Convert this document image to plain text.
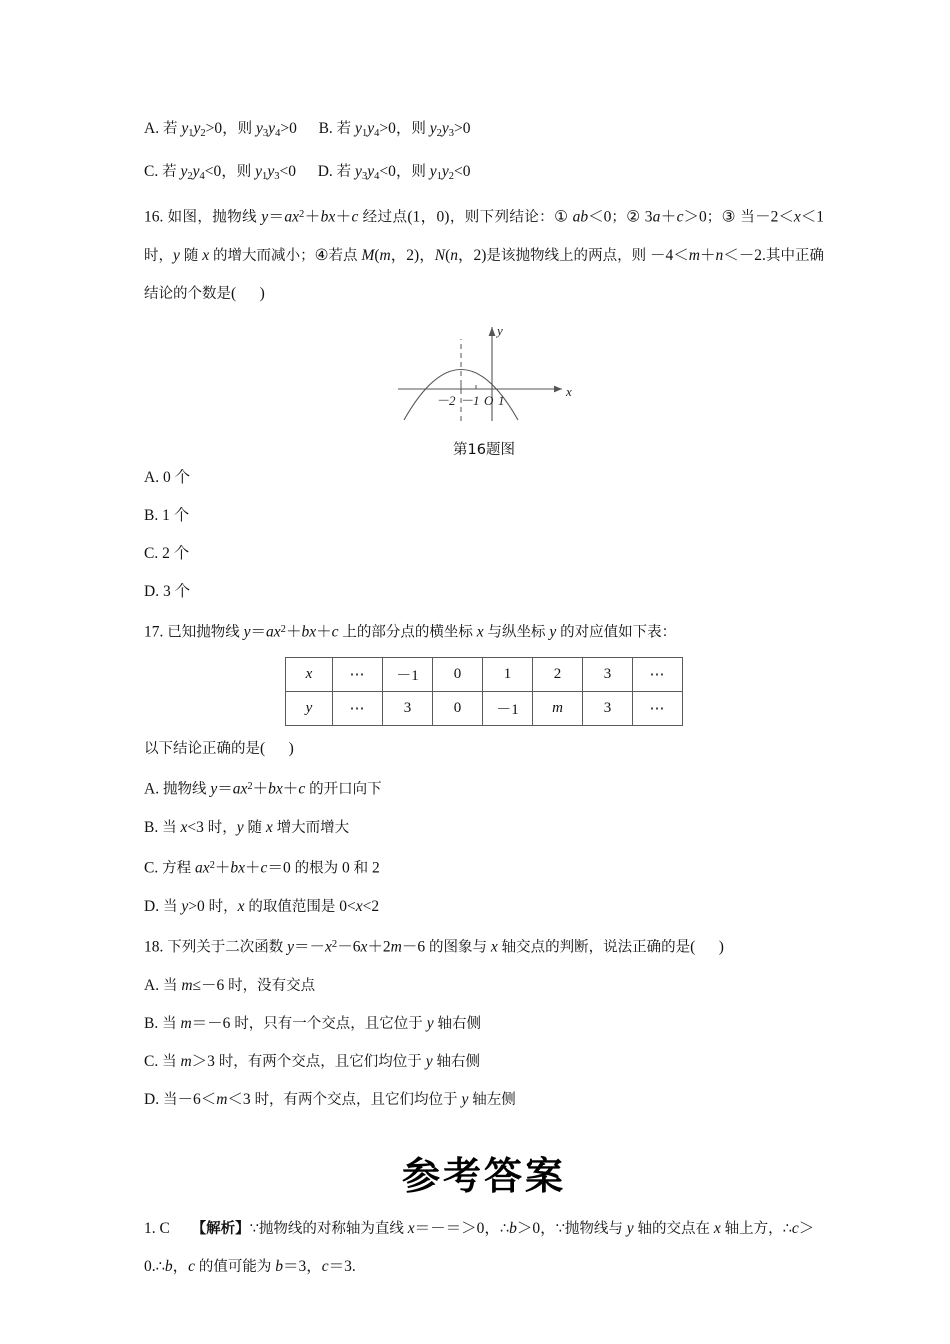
A. 若 $y_1y_2>0$，则 $y_3y_4>0$ B. 若 $y_1y_4>0$，则 $y_2y_3>0$
C. 若 $y_2y_4<0$，则 $y_1y_3<0$ D. 若 $y_3y_4<0$，则 $y_1y_2<0$
16. 如图，抛物线 $y=ax^2+bx+c$ 经过点(1，0)，则下列结论：① ab＜0；② 3a＋c＞0；③ 当－2＜x＜1 时，y 随 x 的增大而减小；④若点 M(m，2)，N(n，2)是该抛物线上的两点，则 －4＜m＋n＜－2.其中正确结论的个数是( )
－2 －1 O 1
x
y
第16题图
A. 0 个
B. 1 个
C. 2 个
D. 3 个
17. 已知抛物线 $y=ax^2+bx+c$ 上的部分点的横坐标 x 与纵坐标 y 的对应值如下表：
x	⋯	－1	0	1	2	3	⋯
y	⋯	3	0	－1	m	3	⋯
以下结论正确的是( )
A. 抛物线 $y=ax^2+bx+c$ 的开口向下
B. 当 x<3 时，y 随 x 增大而增大
C. 方程 $ax^2+bx+c=0$ 的根为 0 和 2
D. 当 y>0 时，x 的取值范围是 0<x<2
18. 下列关于二次函数 $y=-x^2-6x+2m-6$ 的图象与 x 轴交点的判断，说法正确的是( )
A. 当 m≤－6 时，没有交点
B. 当 m＝－6 时，只有一个交点，且它位于 y 轴右侧
C. 当 m＞3 时，有两个交点，且它们均位于 y 轴右侧
D. 当－6＜m＜3 时，有两个交点，且它们均位于 y 轴左侧
参考答案
1. C 【解析】∵抛物线的对称轴为直线 x＝－＝＞0，∴b＞0，∵抛物线与 y 轴的交点在 x 轴上方，∴c＞0.∴b，c 的值可能为 b＝3，c＝3.
